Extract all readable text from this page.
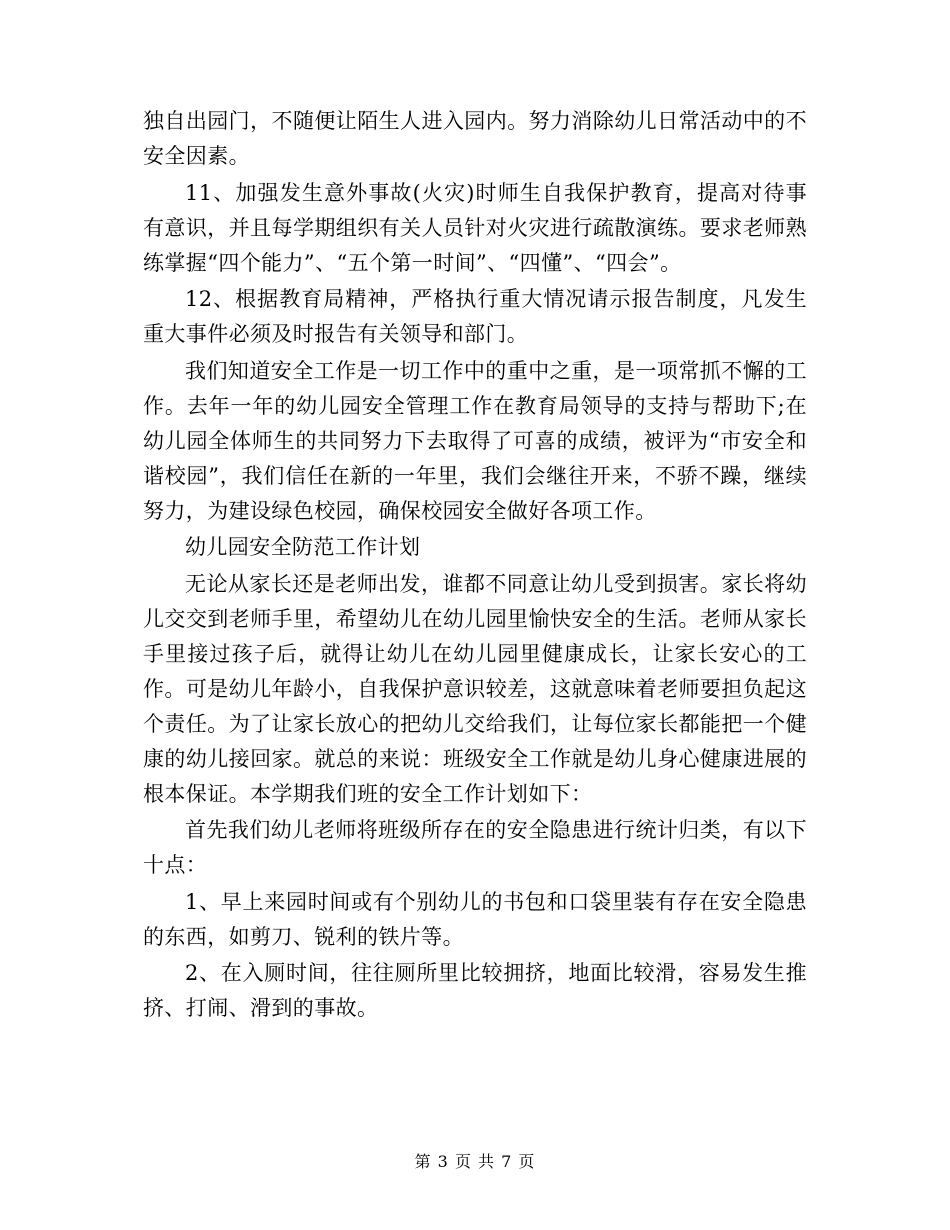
独自出园门，不随便让陌生人进入园内。努力消除幼儿日常活动中的不安全因素。

11、加强发生意外事故(火灾)时师生自我保护教育，提高对待事有意识，并且每学期组织有关人员针对火灾进行疏散演练。要求老师熟练掌握“四个能力”、“五个第一时间”、“四懂”、“四会”。

12、根据教育局精神，严格执行重大情况请示报告制度，凡发生重大事件必须及时报告有关领导和部门。

我们知道安全工作是一切工作中的重中之重，是一项常抓不懈的工作。去年一年的幼儿园安全管理工作在教育局领导的支持与帮助下;在幼儿园全体师生的共同努力下去取得了可喜的成绩，被评为“市安全和谐校园”，我们信任在新的一年里，我们会继往开来，不骄不躁，继续努力，为建设绿色校园，确保校园安全做好各项工作。

幼儿园安全防范工作计划

无论从家长还是老师出发，谁都不同意让幼儿受到损害。家长将幼儿交交到老师手里，希望幼儿在幼儿园里愉快安全的生活。老师从家长手里接过孩子后，就得让幼儿在幼儿园里健康成长，让家长安心的工作。可是幼儿年龄小，自我保护意识较差，这就意味着老师要担负起这个责任。为了让家长放心的把幼儿交给我们，让每位家长都能把一个健康的幼儿接回家。就总的来说：班级安全工作就是幼儿身心健康进展的根本保证。本学期我们班的安全工作计划如下：

首先我们幼儿老师将班级所存在的安全隐患进行统计归类，有以下十点：

1、早上来园时间或有个别幼儿的书包和口袋里装有存在安全隐患的东西，如剪刀、锐利的铁片等。

2、在入厕时间，往往厕所里比较拥挤，地面比较滑，容易发生推挤、打闹、滑到的事故。

第 3 页 共 7 页
